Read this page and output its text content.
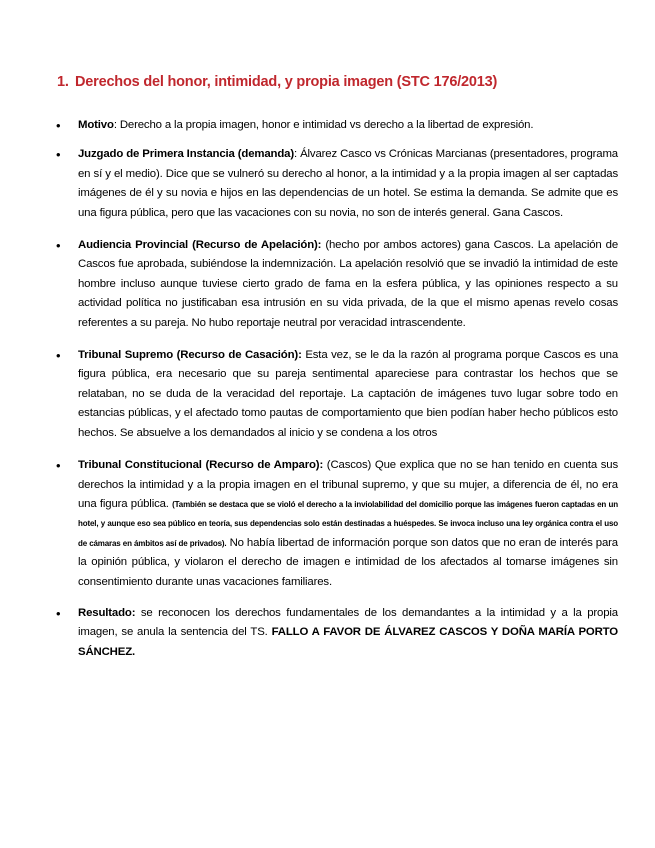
1. Derechos del honor, intimidad, y propia imagen (STC 176/2013)
• Motivo: Derecho a la propia imagen, honor e intimidad vs derecho a la libertad de expresión.
• Juzgado de Primera Instancia (demanda): Álvarez Casco vs Crónicas Marcianas (presentadores, programa en sí y el medio). Dice que se vulneró su derecho al honor, a la intimidad y a la propia imagen al ser captadas imágenes de él y su novia e hijos en las dependencias de un hotel. Se estima la demanda. Se admite que es una figura pública, pero que las vacaciones con su novia, no son de interés general. Gana Cascos.
• Audiencia Provincial (Recurso de Apelación): (hecho por ambos actores) gana Cascos. La apelación de Cascos fue aprobada, subiéndose la indemnización. La apelación resolvió que se invadió la intimidad de este hombre incluso aunque tuviese cierto grado de fama en la esfera pública, y las opiniones respecto a su actividad política no justificaban esa intrusión en su vida privada, de la que el mismo apenas revelo cosas referentes a su pareja. No hubo reportaje neutral por veracidad intrascendente.
• Tribunal Supremo (Recurso de Casación): Esta vez, se le da la razón al programa porque Cascos es una figura pública, era necesario que su pareja sentimental apareciese para contrastar los hechos que se relataban, no se duda de la veracidad del reportaje. La captación de imágenes tuvo lugar sobre todo en estancias públicas, y el afectado tomo pautas de comportamiento que bien podían haber hecho públicos esto hechos. Se absuelve a los demandados al inicio y se condena a los otros
• Tribunal Constitucional (Recurso de Amparo): (Cascos) Que explica que no se han tenido en cuenta sus derechos la intimidad y a la propia imagen en el tribunal supremo, y que su mujer, a diferencia de él, no era una figura pública. (También se destaca que se violó el derecho a la inviolabilidad del domicilio porque las imágenes fueron captadas en un hotel, y aunque eso sea público en teoría, sus dependencias solo están destinadas a huéspedes. Se invoca incluso una ley orgánica contra el uso de cámaras en ámbitos así de privados). No había libertad de información porque son datos que no eran de interés para la opinión pública, y violaron el derecho de imagen e intimidad de los afectados al tomarse imágenes sin consentimiento durante unas vacaciones familiares.
• Resultado: se reconocen los derechos fundamentales de los demandantes a la intimidad y a la propia imagen, se anula la sentencia del TS. FALLO A FAVOR DE ÁLVAREZ CASCOS Y DOÑA MARÍA PORTO SÁNCHEZ.
